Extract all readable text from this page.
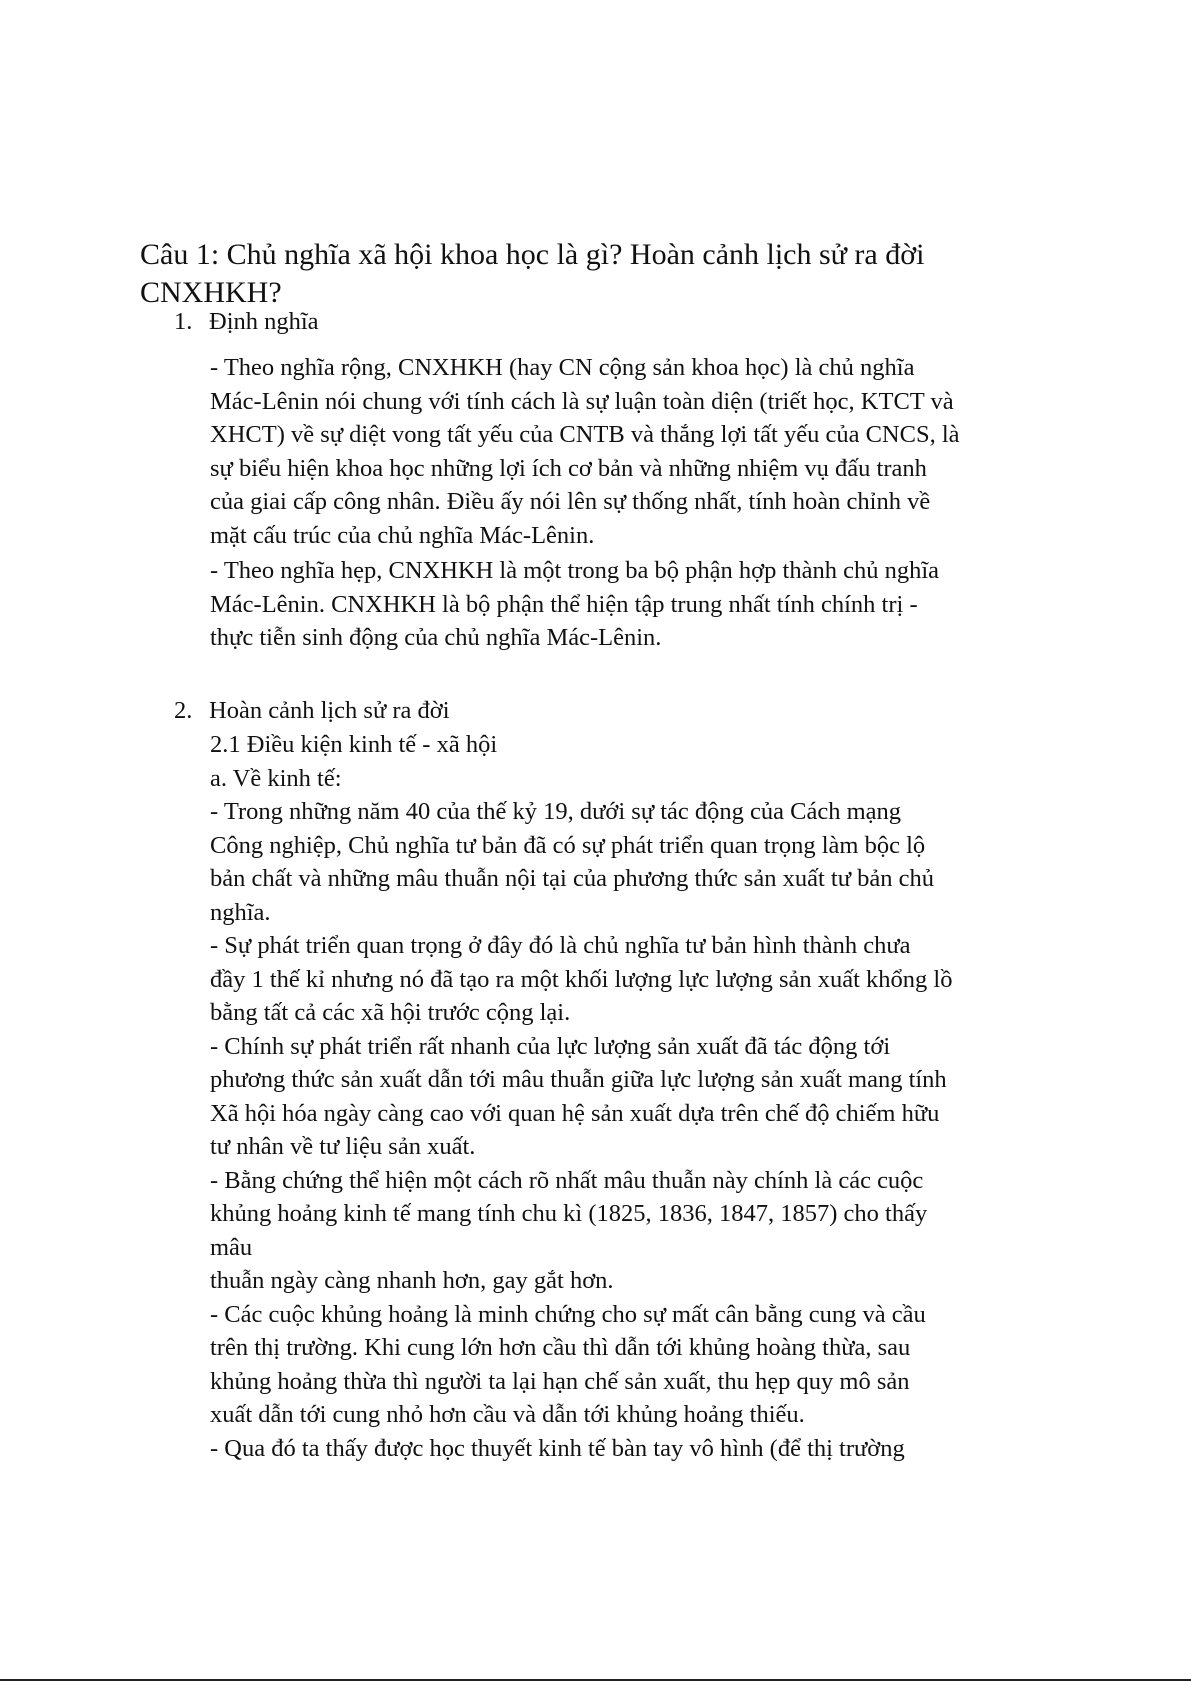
Câu 1: Chủ nghĩa xã hội khoa học là gì? Hoàn cảnh lịch sử ra đời
CNXHKH?
1. Định nghĩa

- Theo nghĩa rộng, CNXHKH (hay CN cộng sản khoa học) là chủ nghĩa
Mác-Lênin nói chung với tính cách là sự luận toàn diện (triết học, KTCT và
XHCT) về sự diệt vong tất yếu của CNTB và thắng lợi tất yếu của CNCS, là
sự biểu hiện khoa học những lợi ích cơ bản và những nhiệm vụ đấu tranh
của giai cấp công nhân. Điều ấy nói lên sự thống nhất, tính hoàn chỉnh về
mặt cấu trúc của chủ nghĩa Mác-Lênin.

- Theo nghĩa hẹp, CNXHKH là một trong ba bộ phận hợp thành chủ nghĩa
Mác-Lênin. CNXHKH là bộ phận thể hiện tập trung nhất tính chính trị -
thực tiễn sinh động của chủ nghĩa Mác-Lênin.

2. Hoàn cảnh lịch sử ra đời
2.1 Điều kiện kinh tế - xã hội
a. Về kinh tế:
- Trong những năm 40 của thế kỷ 19, dưới sự tác động của Cách mạng
Công nghiệp, Chủ nghĩa tư bản đã có sự phát triển quan trọng làm bộc lộ
bản chất và những mâu thuẫn nội tại của phương thức sản xuất tư bản chủ
nghĩa.
- Sự phát triển quan trọng ở đây đó là chủ nghĩa tư bản hình thành chưa
đầy 1 thế kỉ nhưng nó đã tạo ra một khối lượng lực lượng sản xuất khổng lồ
bằng tất cả các xã hội trước cộng lại.
- Chính sự phát triển rất nhanh của lực lượng sản xuất đã tác động tới
phương thức sản xuất dẫn tới mâu thuẫn giữa lực lượng sản xuất mang tính
Xã hội hóa ngày càng cao với quan hệ sản xuất dựa trên chế độ chiếm hữu
tư nhân về tư liệu sản xuất.
- Bằng chứng thể hiện một cách rõ nhất mâu thuẫn này chính là các cuộc
khủng hoảng kinh tế mang tính chu kì (1825, 1836, 1847, 1857) cho thấy
mâu
thuẫn ngày càng nhanh hơn, gay gắt hơn.
- Các cuộc khủng hoảng là minh chứng cho sự mất cân bằng cung và cầu
trên thị trường. Khi cung lớn hơn cầu thì dẫn tới khủng hoàng thừa, sau
khủng hoảng thừa thì người ta lại hạn chế sản xuất, thu hẹp quy mô sản
xuất dẫn tới cung nhỏ hơn cầu và dẫn tới khủng hoảng thiếu.
- Qua đó ta thấy được học thuyết kinh tế bàn tay vô hình (để thị trường
